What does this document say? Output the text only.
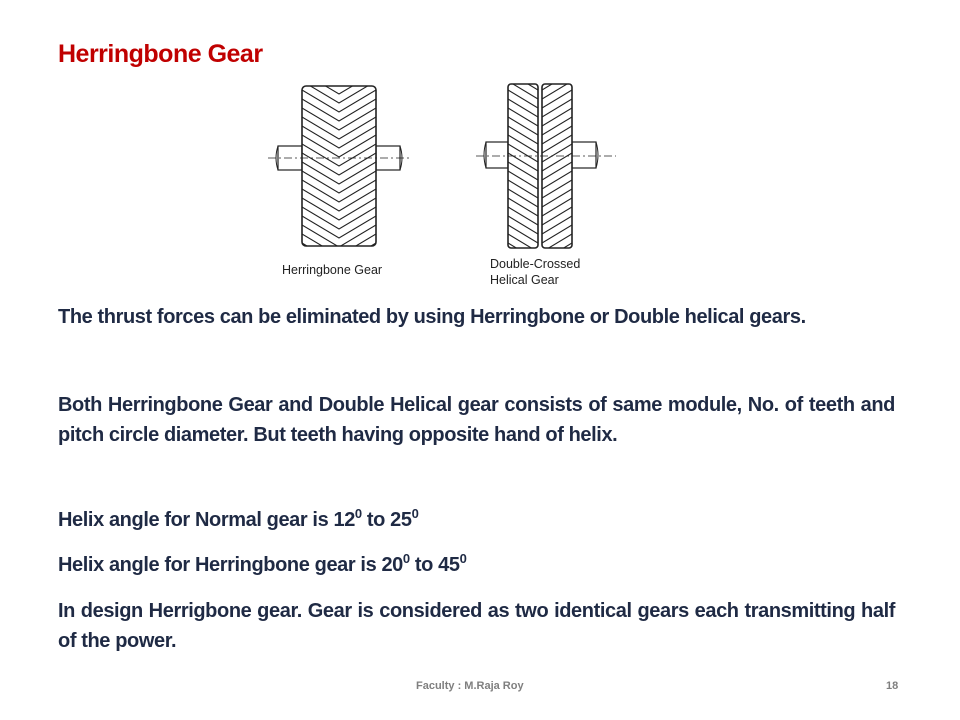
Herringbone Gear
Herringbone Gear	Double-Crossed
Helical Gear
The thrust forces can be eliminated by using Herringbone or Double helical gears.
Both Herringbone Gear and Double Helical gear consists of same module, No. of teeth and pitch circle diameter. But teeth having opposite hand of helix.
Helix angle for Normal gear is $12^0$ to $25^0$
Helix angle for Herringbone gear is $20^0$ to $45^0$
In design Herrigbone gear. Gear is considered as two identical gears each transmitting half of the power.
Faculty : M.Raja Roy	18
